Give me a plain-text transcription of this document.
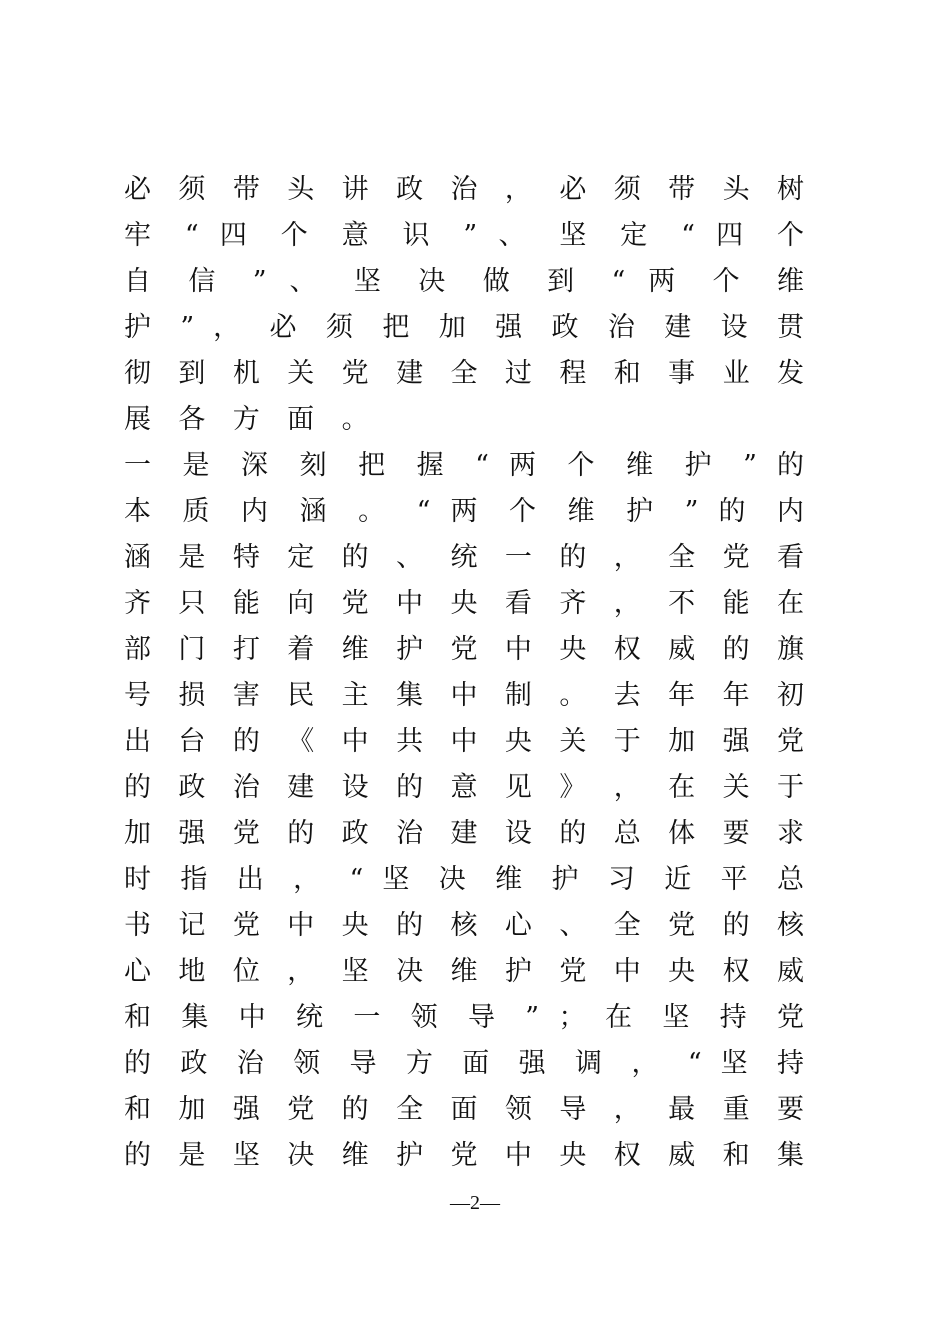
必 须 带 头 讲 政 治 ， 必 须 带 头 树
牢 “ 四 个 意 识 ” 、 坚 定 “ 四 个
自 信 ” 、 坚 决 做 到 “ 两 个 维
护 ” ， 必 须 把 加 强 政 治 建 设 贯
彻 到 机 关 党 建 全 过 程 和 事 业 发
展 各 方 面 。
一 是 深 刻 把 握 “ 两 个 维 护 ” 的
本 质 内 涵 。 “ 两 个 维 护 ” 的 内
涵 是 特 定 的 、 统 一 的 ， 全 党 看
齐 只 能 向 党 中 央 看 齐 ， 不 能 在
部 门 打 着 维 护 党 中 央 权 威 的 旗
号 损 害 民 主 集 中 制 。 去 年 年 初
出 台 的 《 中 共 中 央 关 于 加 强 党
的 政 治 建 设 的 意 见 》 ， 在 关 于
加 强 党 的 政 治 建 设 的 总 体 要 求
时 指 出 ， “ 坚 决 维 护 习 近 平 总
书 记 党 中 央 的 核 心 、 全 党 的 核
心 地 位 ， 坚 决 维 护 党 中 央 权 威
和 集 中 统 一 领 导 ” ； 在 坚 持 党
的 政 治 领 导 方 面 强 调 ， “ 坚 持
和 加 强 党 的 全 面 领 导 ， 最 重 要
的 是 坚 决 维 护 党 中 央 权 威 和 集
—2—
